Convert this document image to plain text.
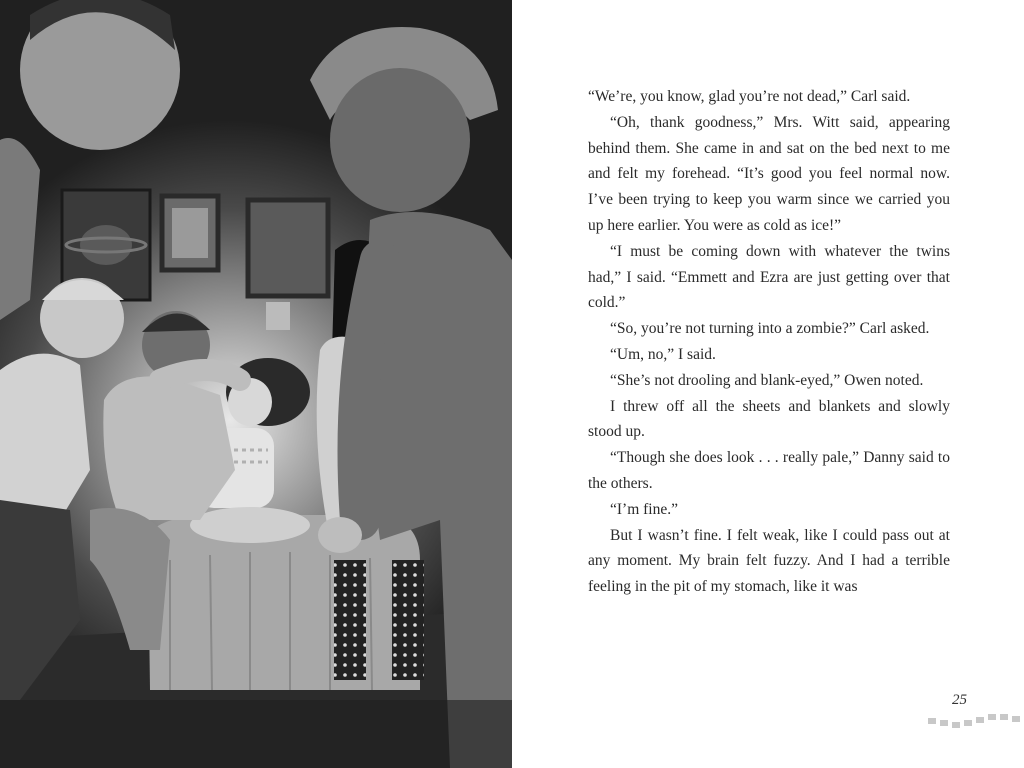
“We’re, you know, glad you’re not dead,” Carl said.

“Oh, thank goodness,” Mrs. Witt said, appearing behind them. She came in and sat on the bed next to me and felt my forehead. “It’s good you feel normal now. I’ve been trying to keep you warm since we carried you up here earlier. You were as cold as ice!”

“I must be coming down with whatever the twins had,” I said. “Emmett and Ezra are just getting over that cold.”

“So, you’re not turning into a zombie?” Carl asked.

“Um, no,” I said.

“She’s not drooling and blank-eyed,” Owen noted.

I threw off all the sheets and blankets and slowly stood up.

“Though she does look . . . really pale,” Danny said to the others.

“I’m fine.”

But I wasn’t fine. I felt weak, like I could pass out at any moment. My brain felt fuzzy. And I had a terrible feeling in the pit of my stomach, like it was

25
